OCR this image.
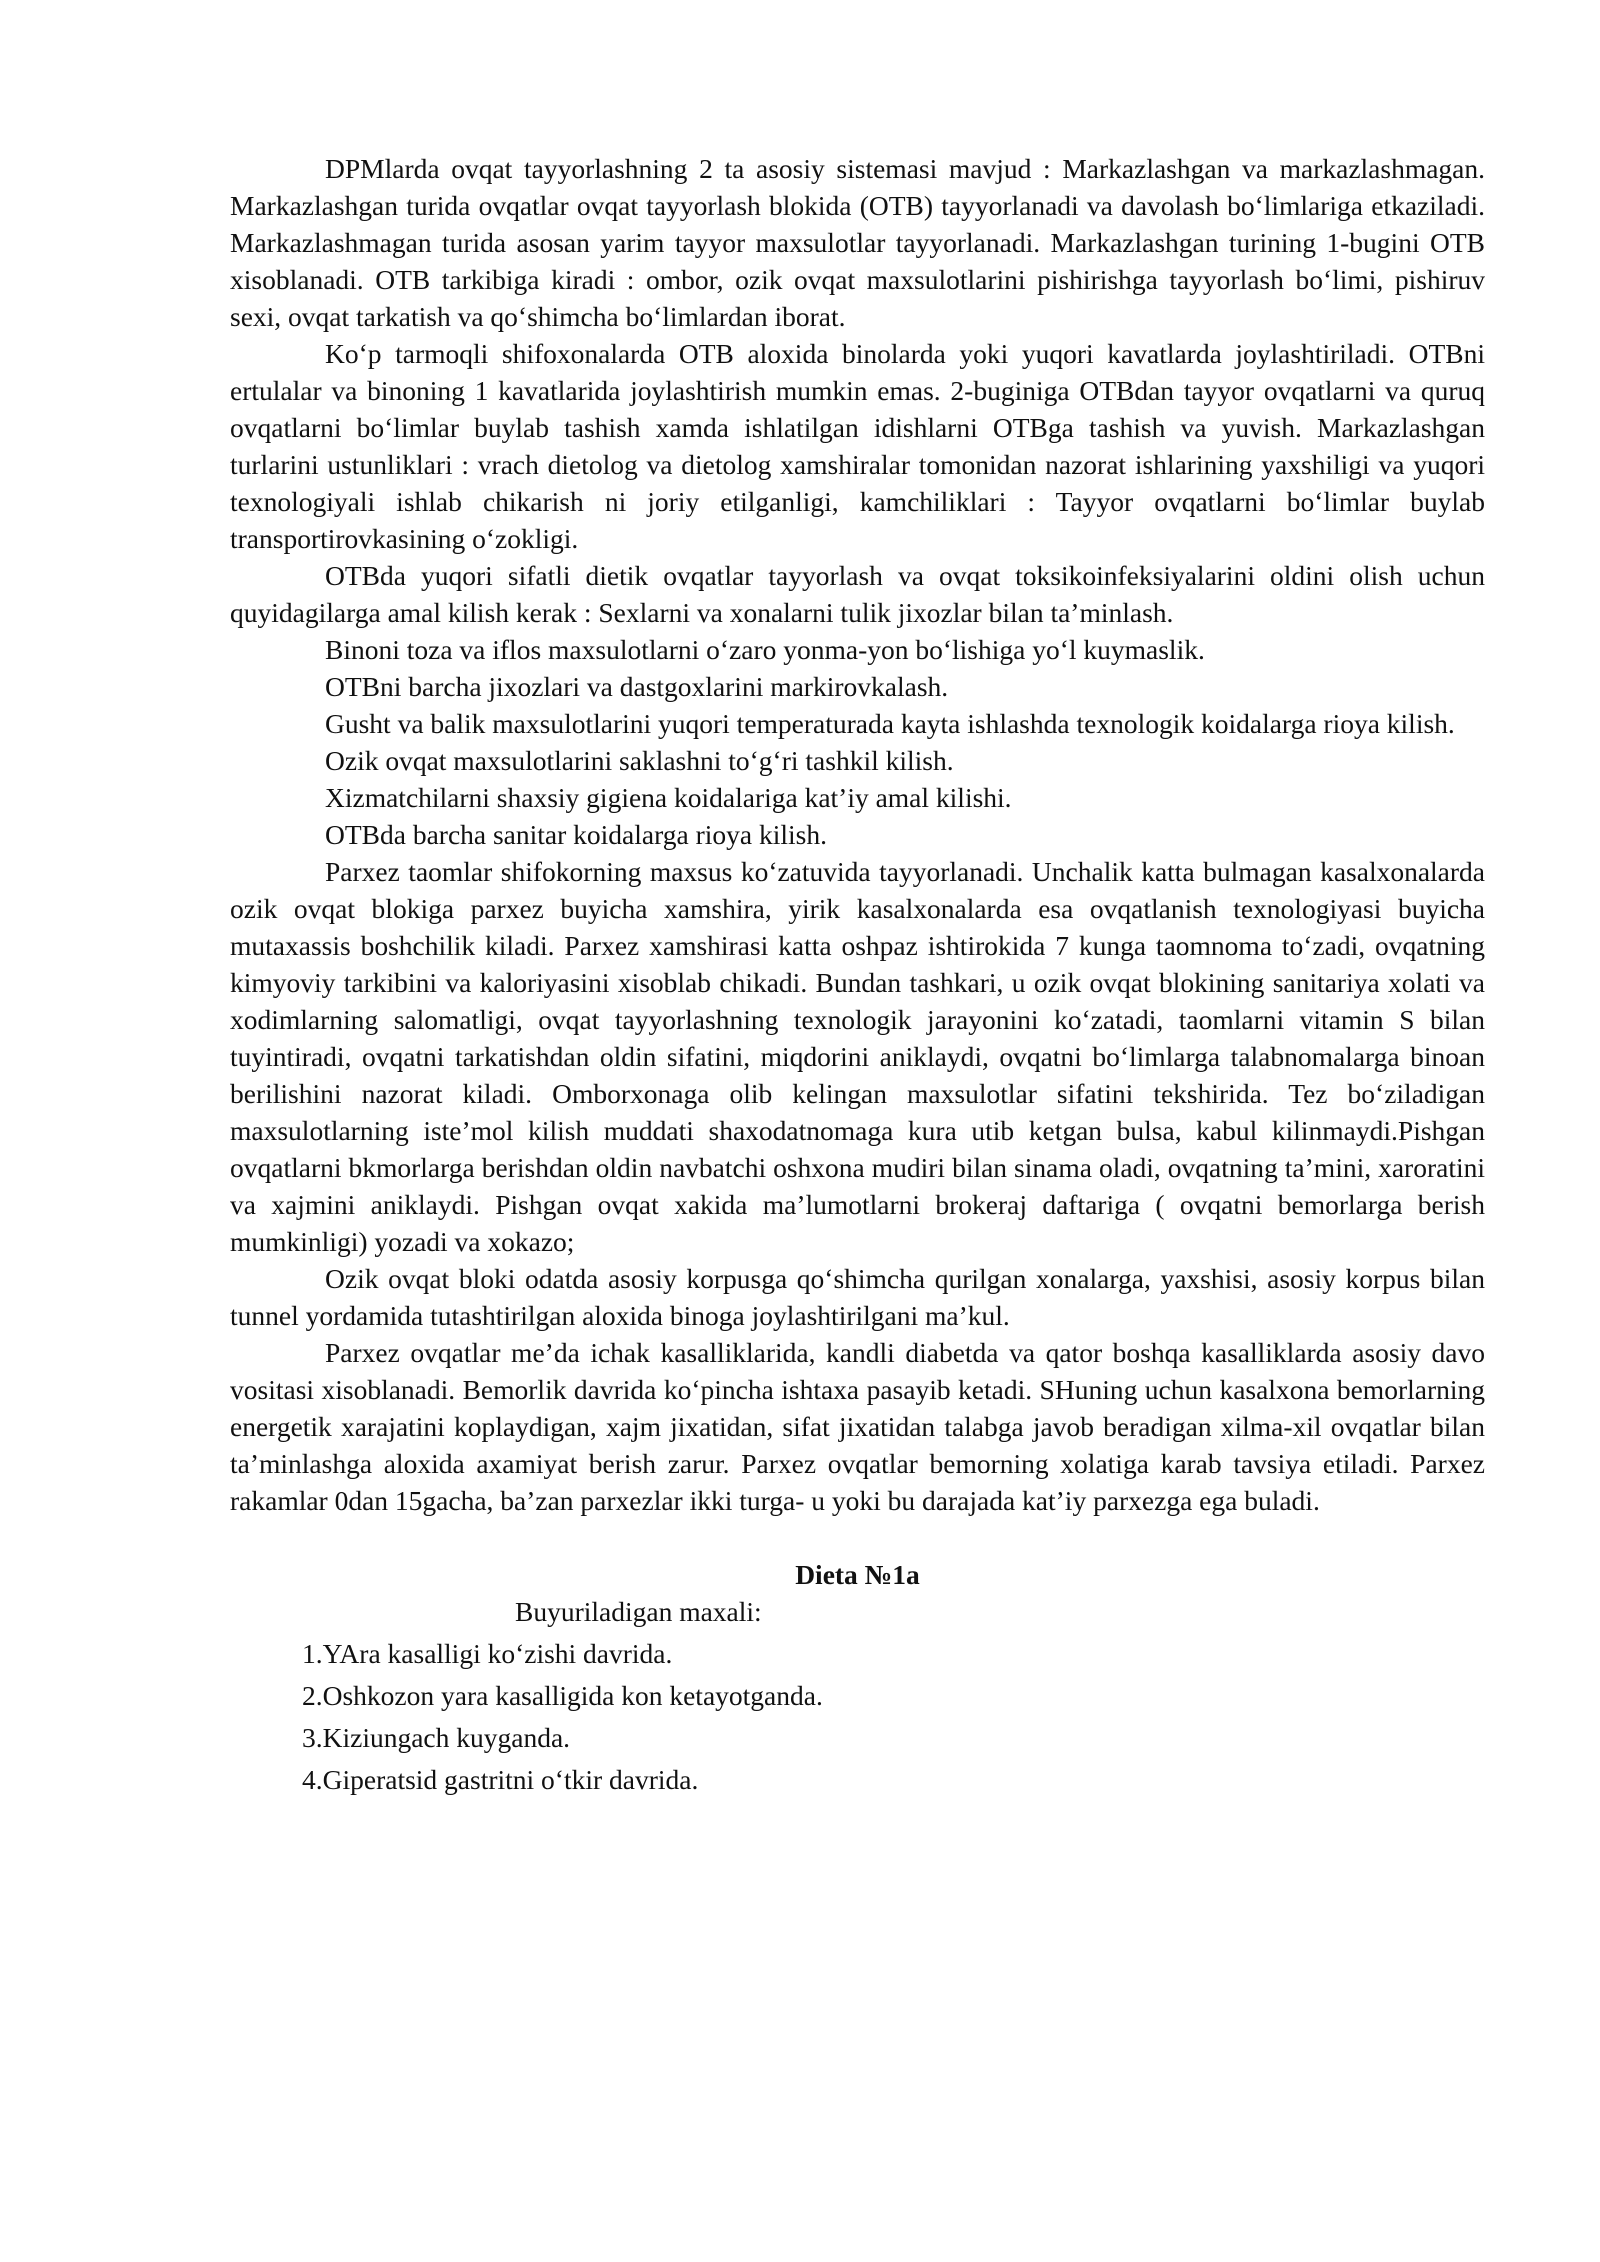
DPMlarda ovqat tayyorlashning 2 ta asosiy sistemasi mavjud : Markazlashgan va markazlashmagan. Markazlashgan turida ovqatlar ovqat tayyorlash blokida (OTB) tayyorlanadi va davolash bo‘limlariga etkaziladi. Markazlashmagan turida asosan yarim tayyor maxsulotlar tayyorlanadi. Markazlashgan turining 1-bugini OTB xisoblanadi. OTB tarkibiga kiradi : ombor, ozik ovqat maxsulotlarini pishirishga tayyorlash bo‘limi, pishiruv sexi, ovqat tarkatish va qo‘shimcha bo‘limlardan iborat.

Ko‘p tarmoqli shifoxonalarda OTB aloxida binolarda yoki yuqori kavatlarda joylashtiriladi. OTBni ertulalar va binoning 1 kavatlarida joylashtirish mumkin emas. 2-buginiga OTBdan tayyor ovqatlarni va quruq ovqatlarni bo‘limlar buylab tashish xamda ishlatilgan idishlarni OTBga tashish va yuvish. Markazlashgan turlarini ustunliklari : vrach dietolog va dietolog xamshiralar tomonidan nazorat ishlarining yaxshiligi va yuqori texnologiyali ishlab chikarish ni joriy etilganligi, kamchiliklari : Tayyor ovqatlarni bo‘limlar buylab transportirovkasining o‘zokligi.

OTBda yuqori sifatli dietik ovqatlar tayyorlash va ovqat toksikoinfeksiyalarini oldini olish uchun quyidagilarga amal kilish kerak : Sexlarni va xonalarni tulik jixozlar bilan ta’minlash.

Binoni toza va iflos maxsulotlarni o‘zaro yonma-yon bo‘lishiga yo‘l kuymaslik.

OTBni barcha jixozlari va dastgoxlarini markirovkalash.

Gusht va balik maxsulotlarini yuqori temperaturada kayta ishlashda texnologik koidalarga rioya kilish.

Ozik ovqat maxsulotlarini saklashni to‘g‘ri tashkil kilish.

Xizmatchilarni shaxsiy gigiena koidalariga kat’iy amal kilishi.

OTBda barcha sanitar koidalarga rioya kilish.

Parxez taomlar shifokorning maxsus ko‘zatuvida tayyorlanadi. Unchalik katta bulmagan kasalxonalarda ozik ovqat blokiga parxez buyicha xamshira, yirik kasalxonalarda esa ovqatlanish texnologiyasi buyicha mutaxassis boshchilik kiladi. Parxez xamshirasi katta oshpaz ishtirokida 7 kunga taomnoma to‘zadi, ovqatning kimyoviy tarkibini va kaloriyasini xisoblab chikadi. Bundan tashkari, u ozik ovqat blokining sanitariya xolati va xodimlarning salomatligi, ovqat tayyorlashning texnologik jarayonini ko‘zatadi, taomlarni vitamin S bilan tuyintiradi, ovqatni tarkatishdan oldin sifatini, miqdorini aniklaydi, ovqatni bo‘limlarga talabnomalarga binoan berilishini nazorat kiladi. Omborxonaga olib kelingan maxsulotlar sifatini tekshirida. Tez bo‘ziladigan maxsulotlarning iste’mol kilish muddati shaxodatnomaga kura utib ketgan bulsa, kabul kilinmaydi.Pishgan ovqatlarni bkmorlarga berishdan oldin navbatchi oshxona mudiri bilan sinama oladi, ovqatning ta’mini, xaroratini va xajmini aniklaydi. Pishgan ovqat xakida ma’lumotlarni brokeraj daftariga ( ovqatni bemorlarga berish mumkinligi) yozadi va xokazo;

Ozik ovqat bloki odatda asosiy korpusga qo‘shimcha qurilgan xonalarga, yaxshisi, asosiy korpus bilan tunnel yordamida tutashtirilgan aloxida binoga joylashtirilgani ma’kul.

Parxez ovqatlar me’da ichak kasalliklarida, kandli diabetda va qator boshqa kasalliklarda asosiy davo vositasi xisoblanadi. Bemorlik davrida ko‘pincha ishtaxa pasayib ketadi. SHuning uchun kasalxona bemorlarning energetik xarajatini koplaydigan, xajm jixatidan, sifat jixatidan talabga javob beradigan xilma-xil ovqatlar bilan ta’minlashga aloxida axamiyat berish zarur. Parxez ovqatlar bemorning xolatiga karab tavsiya etiladi. Parxez rakamlar 0dan 15gacha, ba’zan parxezlar ikki turga- u yoki bu darajada kat’iy parxezga ega buladi.

Dieta №1a

Buyuriladigan maxali:

1.YAra kasalligi ko‘zishi davrida.

2.Oshkozon yara kasalligida kon ketayotganda.

3.Kiziungach kuyganda.

4.Giperatsid gastritni o‘tkir davrida.
